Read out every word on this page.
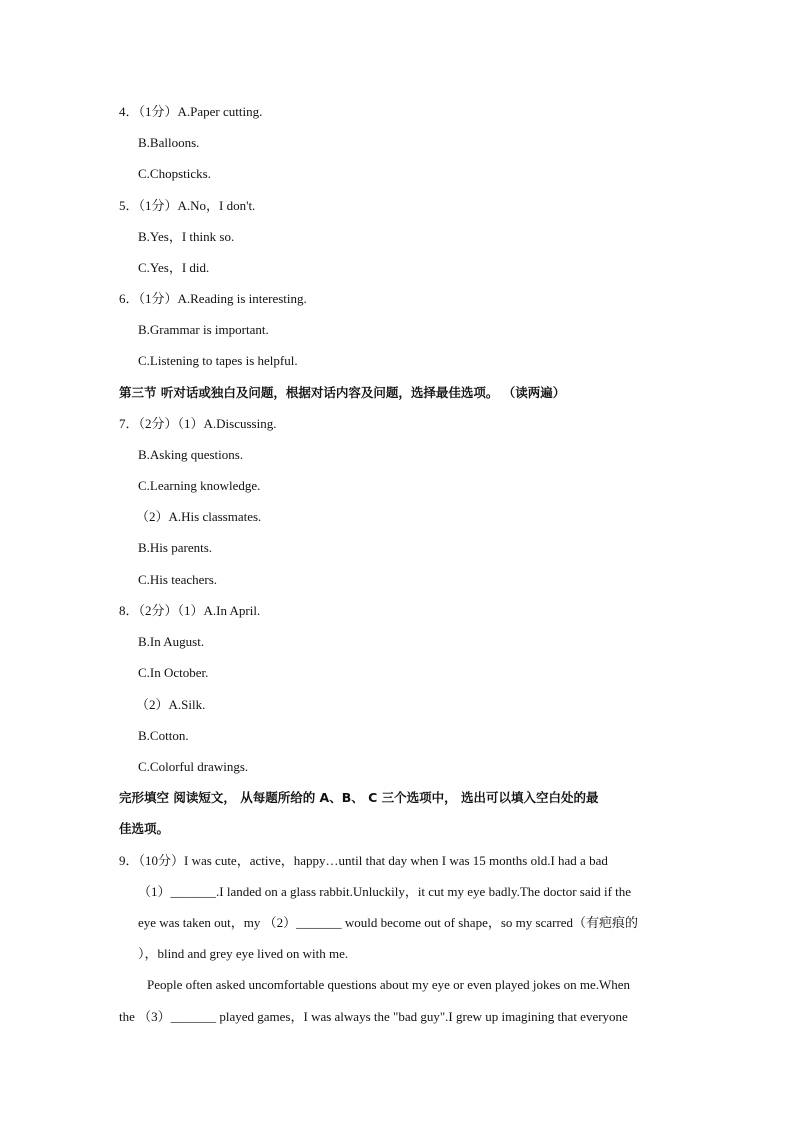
4．（1分）A.Paper cutting.
B.Balloons.
C.Chopsticks.
5．（1分）A.No，I don't.
B.Yes，I think so.
C.Yes，I did.
6．（1分）A.Reading is interesting.
B.Grammar is important.
C.Listening to tapes is helpful.
第三节 听对话或独白及问题，根据对话内容及问题，选择最佳选项。 （读两遍）
7．（2分）（1）A.Discussing.
B.Asking questions.
C.Learning knowledge.
（2）A.His classmates.
B.His parents.
C.His teachers.
8．（2分）（1）A.In April.
B.In August.
C.In October.
（2）A.Silk.
B.Cotton.
C.Colorful drawings.
完形填空 阅读短文， 从每题所给的 A、B、 C 三个选项中， 选出可以填入空白处的最
佳选项。
9．（10分）I was cute，active，happy…until that day when I was 15 months old.I had a bad
（1）_______.I landed on a glass rabbit.Unluckily，it cut my eye badly.The doctor said if the
eye was taken out，my （2）_______ would become out of shape，so my scarred（有疤痕的
），blind and grey eye lived on with me.
People often asked uncomfortable questions about my eye or even played jokes on me.When
the （3）_______ played games，I was always the "bad guy".I grew up imagining that everyone
